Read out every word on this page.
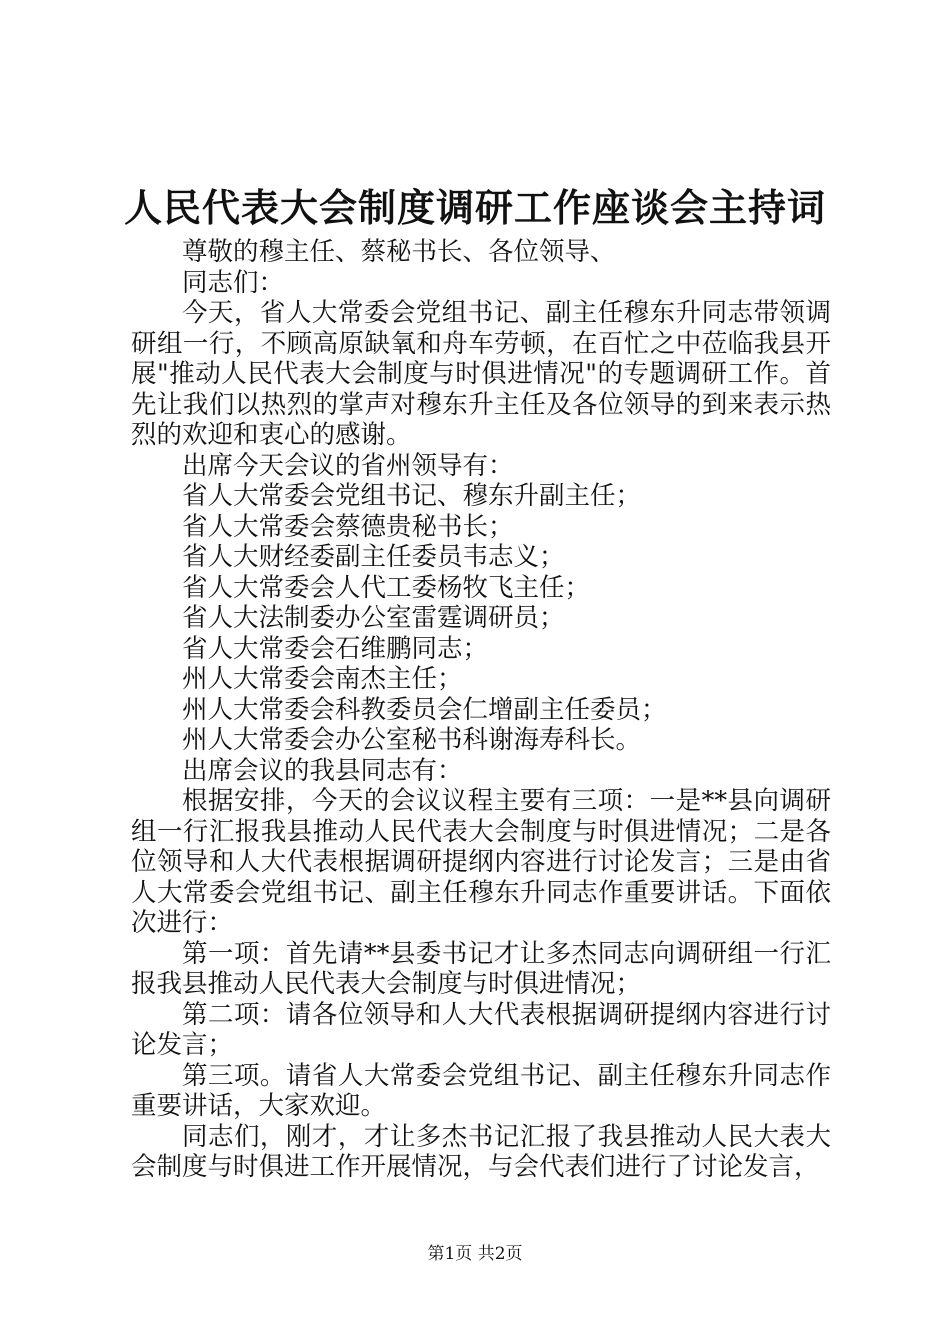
人民代表大会制度调研工作座谈会主持词

尊敬的穆主任、蔡秘书长、各位领导、

同志们：

今天，省人大常委会党组书记、副主任穆东升同志带领调研组一行，不顾高原缺氧和舟车劳顿，在百忙之中莅临我县开展"推动人民代表大会制度与时俱进情况"的专题调研工作。首先让我们以热烈的掌声对穆东升主任及各位领导的到来表示热烈的欢迎和衷心的感谢。

出席今天会议的省州领导有：

省人大常委会党组书记、穆东升副主任；

省人大常委会蔡德贵秘书长；

省人大财经委副主任委员韦志义；

省人大常委会人代工委杨牧飞主任；

省人大法制委办公室雷霆调研员；

省人大常委会石维鹏同志；

州人大常委会南杰主任；

州人大常委会科教委员会仁增副主任委员；

州人大常委会办公室秘书科谢海寿科长。

出席会议的我县同志有：

根据安排，今天的会议议程主要有三项：一是**县向调研组一行汇报我县推动人民代表大会制度与时俱进情况；二是各位领导和人大代表根据调研提纲内容进行讨论发言；三是由省人大常委会党组书记、副主任穆东升同志作重要讲话。下面依次进行：

第一项：首先请**县委书记才让多杰同志向调研组一行汇报我县推动人民代表大会制度与时俱进情况；

第二项：请各位领导和人大代表根据调研提纲内容进行讨论发言；

第三项。请省人大常委会党组书记、副主任穆东升同志作重要讲话，大家欢迎。

同志们，刚才，才让多杰书记汇报了我县推动人民大表大会制度与时俱进工作开展情况，与会代表们进行了讨论发言，

第1页 共2页
